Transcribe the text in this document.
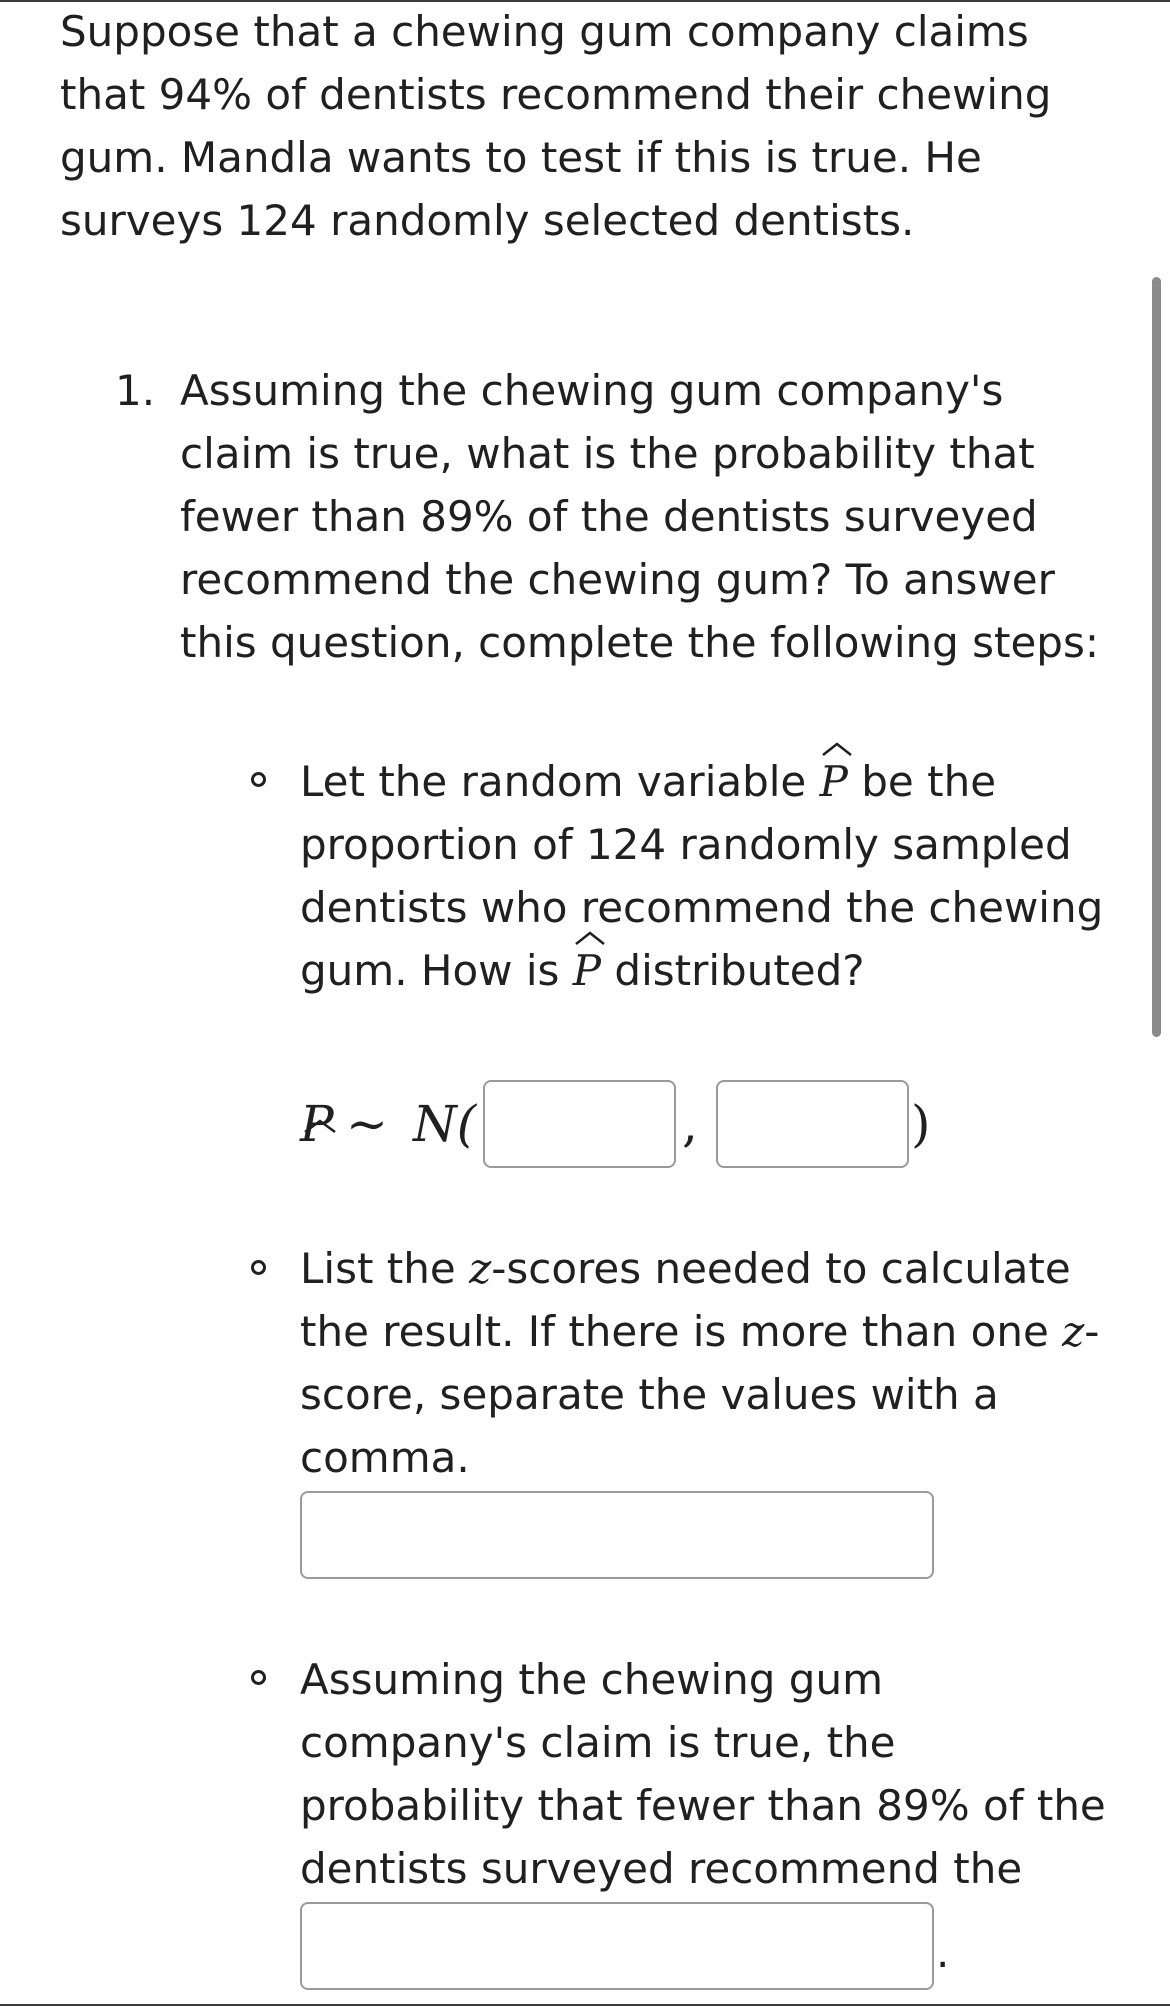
Suppose that a chewing gum company claims that 94% of dentists recommend their chewing gum. Mandla wants to test if this is true. He surveys 124 randomly selected dentists.

1. Assuming the chewing gum company's claim is true, what is the probability that fewer than 89% of the dentists surveyed recommend the chewing gum? To answer this question, complete the following steps:

Let the random variable P be the proportion of 124 randomly sampled dentists who recommend the chewing gum. How is P distributed?

P ∼ N(	,	)

List the z-scores needed to calculate the result. If there is more than one z-score, separate the values with a comma.

Assuming the chewing gum company's claim is true, the probability that fewer than 89% of the dentists surveyed recommend the

.
